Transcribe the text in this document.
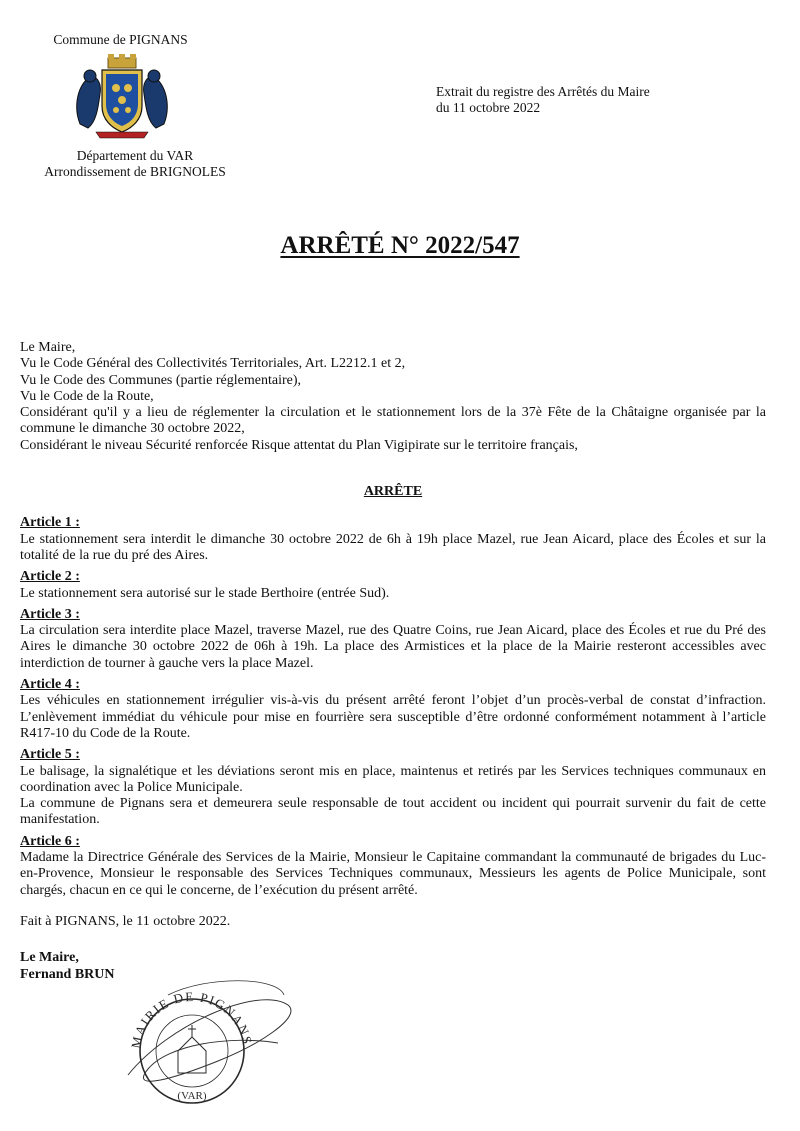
Commune de PIGNANS
Département du VAR
Arrondissement de BRIGNOLES
Extrait du registre des Arrêtés du Maire
du 11 octobre 2022
ARRÊTÉ N° 2022/547

Le Maire,

Vu le Code Général des Collectivités Territoriales, Art. L2212.1 et 2,

Vu le Code des Communes (partie réglementaire),

Vu le Code de la Route,

Considérant qu'il y a lieu de réglementer la circulation et le stationnement lors de la 37è Fête de la Châtaigne organisée par la commune le dimanche 30 octobre 2022,

Considérant le niveau Sécurité renforcée Risque attentat du Plan Vigipirate sur le territoire français,

ARRÊTE

Article 1 :

Le stationnement sera interdit le dimanche 30 octobre 2022 de 6h à 19h place Mazel, rue Jean Aicard, place des Écoles et sur la totalité de la rue du pré des Aires.

Article 2 :

Le stationnement sera autorisé sur le stade Berthoire (entrée Sud).

Article 3 :

La circulation sera interdite place Mazel, traverse Mazel, rue des Quatre Coins, rue Jean Aicard, place des Écoles et rue du Pré des Aires le dimanche 30 octobre 2022 de 06h à 19h. La place des Armistices et la place de la Mairie resteront accessibles avec interdiction de tourner à gauche vers la place Mazel.

Article 4 :

Les véhicules en stationnement irrégulier vis-à-vis du présent arrêté feront l’objet d’un procès-verbal de constat d’infraction. L’enlèvement immédiat du véhicule pour mise en fourrière sera susceptible d’être ordonné conformément notamment à l’article R417-10 du Code de la Route.

Article 5 :

Le balisage, la signalétique et les déviations seront mis en place, maintenus et retirés par les Services techniques communaux en coordination avec la Police Municipale.

La commune de Pignans sera et demeurera seule responsable de tout accident ou incident qui pourrait survenir du fait de cette manifestation.

Article 6 :

Madame la Directrice Générale des Services de la Mairie, Monsieur le Capitaine commandant la communauté de brigades du Luc-en-Provence, Monsieur le responsable des Services Techniques communaux, Messieurs les agents de Police Municipale, sont chargés, chacun en ce qui le concerne, de l’exécution du présent arrêté.

Fait à PIGNANS, le 11 octobre 2022.

Le Maire,

Fernand BRUN

MAIRIE DE PIGNANS
(VAR)
